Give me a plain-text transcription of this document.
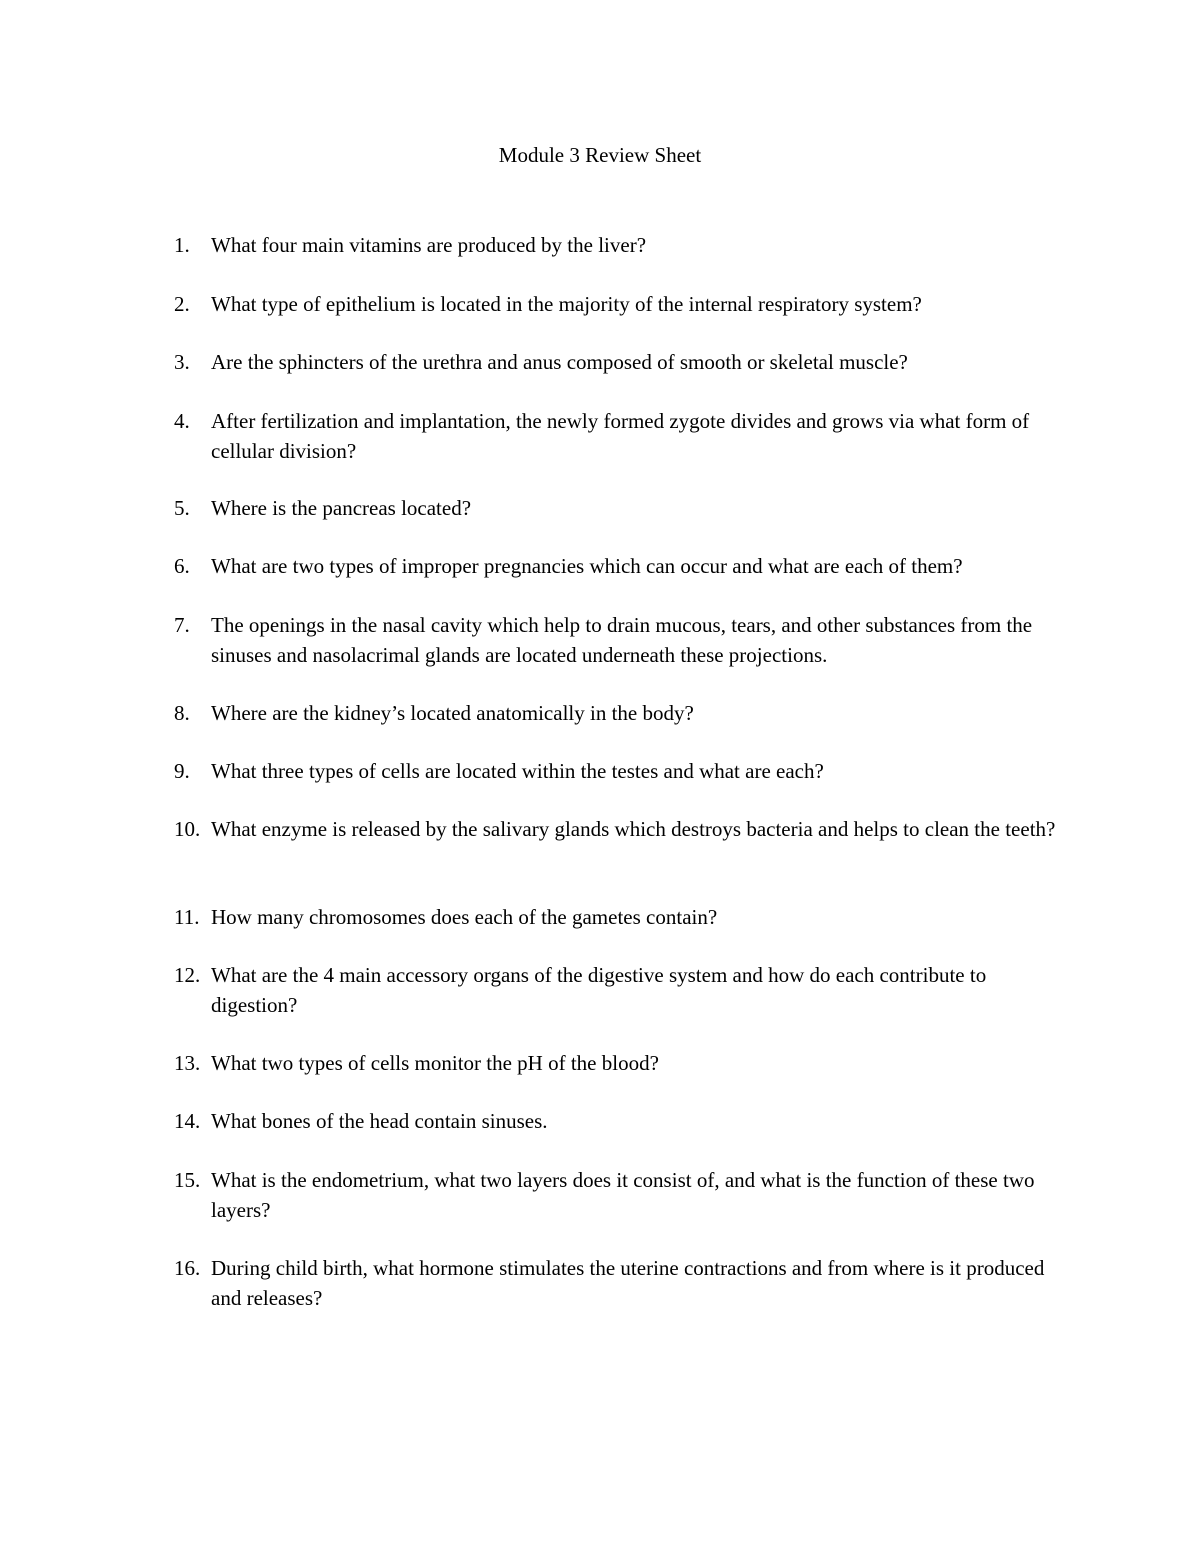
Module 3 Review Sheet
1.	What four main vitamins are produced by the liver?
2.	What type of epithelium is located in the majority of the internal respiratory system?
3.	Are the sphincters of the urethra and anus composed of smooth or skeletal muscle?
4.	After fertilization and implantation, the newly formed zygote divides and grows via what form of cellular division?
5.	Where is the pancreas located?
6.	What are two types of improper pregnancies which can occur and what are each of them?
7.	The openings in the nasal cavity which help to drain mucous, tears, and other substances from the sinuses and nasolacrimal glands are located underneath these projections.
8.	Where are the kidney’s located anatomically in the body?
9.	What three types of cells are located within the testes and what are each?
10. What enzyme is released by the salivary glands which destroys bacteria and helps to clean the teeth?
11. How many chromosomes does each of the gametes contain?
12. What are the 4 main accessory organs of the digestive system and how do each contribute to digestion?
13. What two types of cells monitor the pH of the blood?
14. What bones of the head contain sinuses.
15. What is the endometrium, what two layers does it consist of, and what is the function of these two layers?
16. During child birth, what hormone stimulates the uterine contractions and from where is it produced and releases?
